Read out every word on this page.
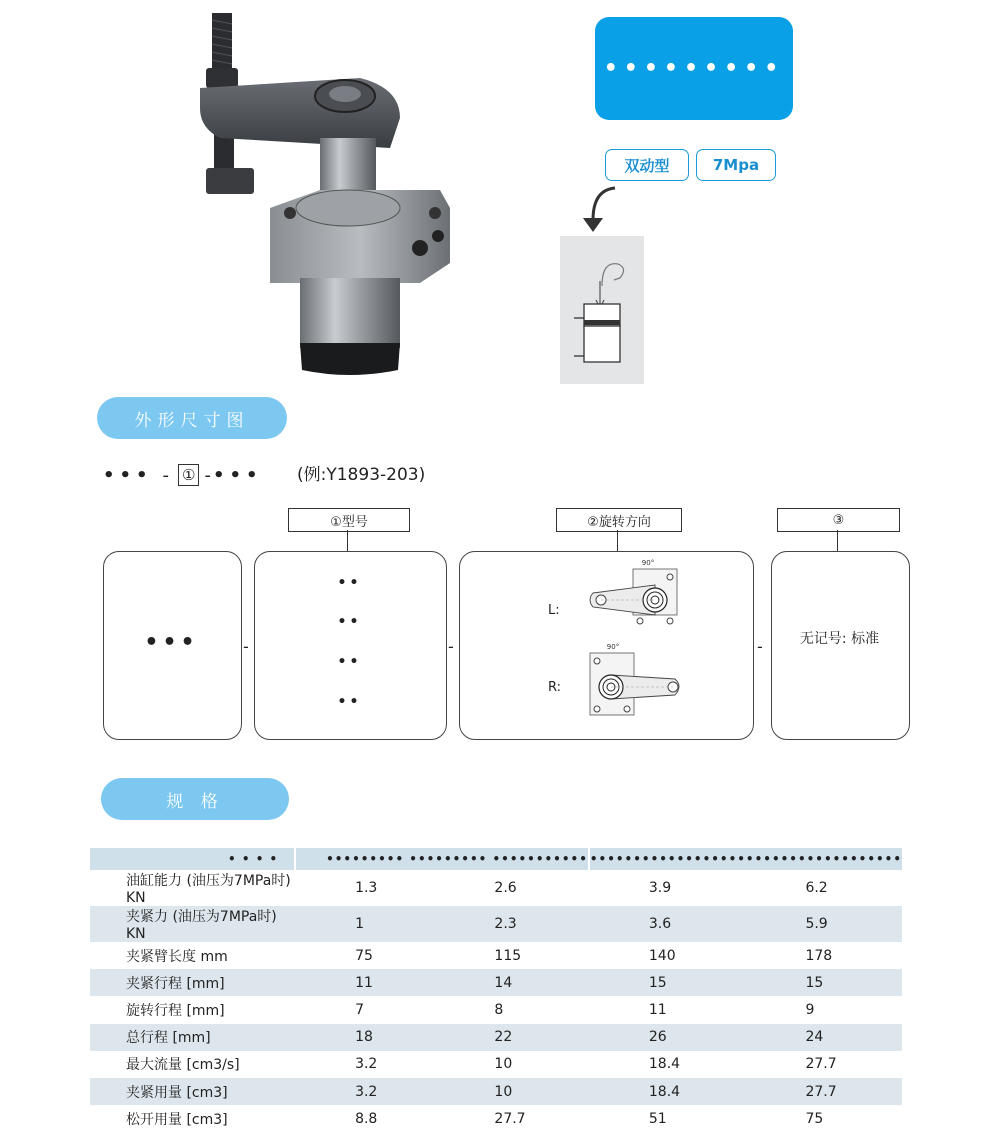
•••••••••
双动型	7Mpa
外形尺寸图
••• - ① - ••• (例:Y1893-203)
①型号	②旋转方向	③
-	-	-
•••
••
••
••
••
L:
R:
90°
90°	无记号: 标准
规 格
• • • •	••••••••• ••••••••• •••••••••••		••••••••••••••••••••••••••••••••••••	
油缸能力 (油压为7MPa时) KN	1.3	2.6	3.9	6.2
夹紧力 (油压为7MPa时) KN	1	2.3	3.6	5.9
夹紧臂长度 mm	75	115	140	178
夹紧行程 [mm]	11	14	15	15
旋转行程 [mm]	7	8	11	9
总行程 [mm]	18	22	26	24
最大流量 [cm3/s]	3.2	10	18.4	27.7
夹紧用量 [cm3]	3.2	10	18.4	27.7
松开用量 [cm3]	8.8	27.7	51	75
